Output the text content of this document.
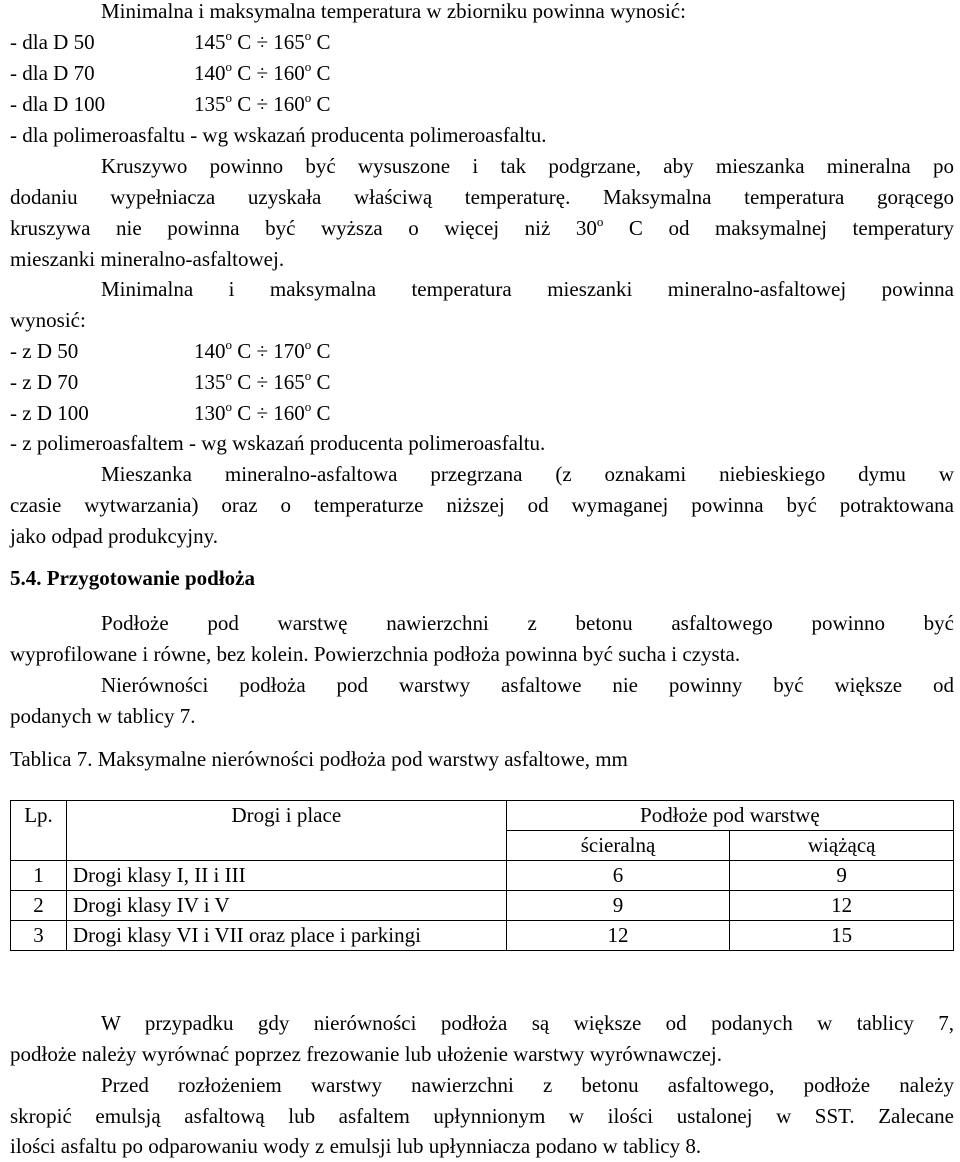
Minimalna i maksymalna temperatura w zbiorniku powinna wynosić:
- dla D 50	145$^o$ $C \div 165^o$ C
- dla D 70	140$^o$ $C \div 160^o$ C
- dla D 100	135$^o$ $C \div 160^o$ C
- dla polimeroasfaltu - wg wskazań producenta polimeroasfaltu.
Kruszywo powinno być wysuszone i tak podgrzane, aby mieszanka mineralna po
dodaniu wypełniacza uzyskała właściwą temperaturę. Maksymalna temperatura gorącego
kruszywa nie powinna być wyższa o więcej niż 30$^o$ C od maksymalnej temperatury
mieszanki mineralno-asfaltowej.
Minimalna i maksymalna temperatura mieszanki mineralno-asfaltowej powinna
wynosić:
- z D 50	140$^o$ $C \div 170^o$ C
- z D 70	135$^o$ $C \div 165^o$ C
- z D 100	130$^o$ $C \div 160^o$ C
- z polimeroasfaltem - wg wskazań producenta polimeroasfaltu.
Mieszanka mineralno-asfaltowa przegrzana (z oznakami niebieskiego dymu w
czasie wytwarzania) oraz o temperaturze niższej od wymaganej powinna być potraktowana
jako odpad produkcyjny.
5.4. Przygotowanie podłoża
Podłoże pod warstwę nawierzchni z betonu asfaltowego powinno być
wyprofilowane i równe, bez kolein. Powierzchnia podłoża powinna być sucha i czysta.
Nierówności podłoża pod warstwy asfaltowe nie powinny być większe od
podanych w tablicy 7.
Tablica 7. Maksymalne nierówności podłoża pod warstwy asfaltowe, mm
Lp.	Drogi i place	Podłoże pod warstwę	
		ścieralną	wiążącą
1	Drogi klasy I, II i III	6	9
2	Drogi klasy IV i V	9	12
3	Drogi klasy VI i VII oraz place i parkingi	12	15
W przypadku gdy nierówności podłoża są większe od podanych w tablicy 7,
podłoże należy wyrównać poprzez frezowanie lub ułożenie warstwy wyrównawczej.
Przed rozłożeniem warstwy nawierzchni z betonu asfaltowego, podłoże należy
skropić emulsją asfaltową lub asfaltem upłynnionym w ilości ustalonej w SST. Zalecane
ilości asfaltu po odparowaniu wody z emulsji lub upłynniacza podano w tablicy 8.
